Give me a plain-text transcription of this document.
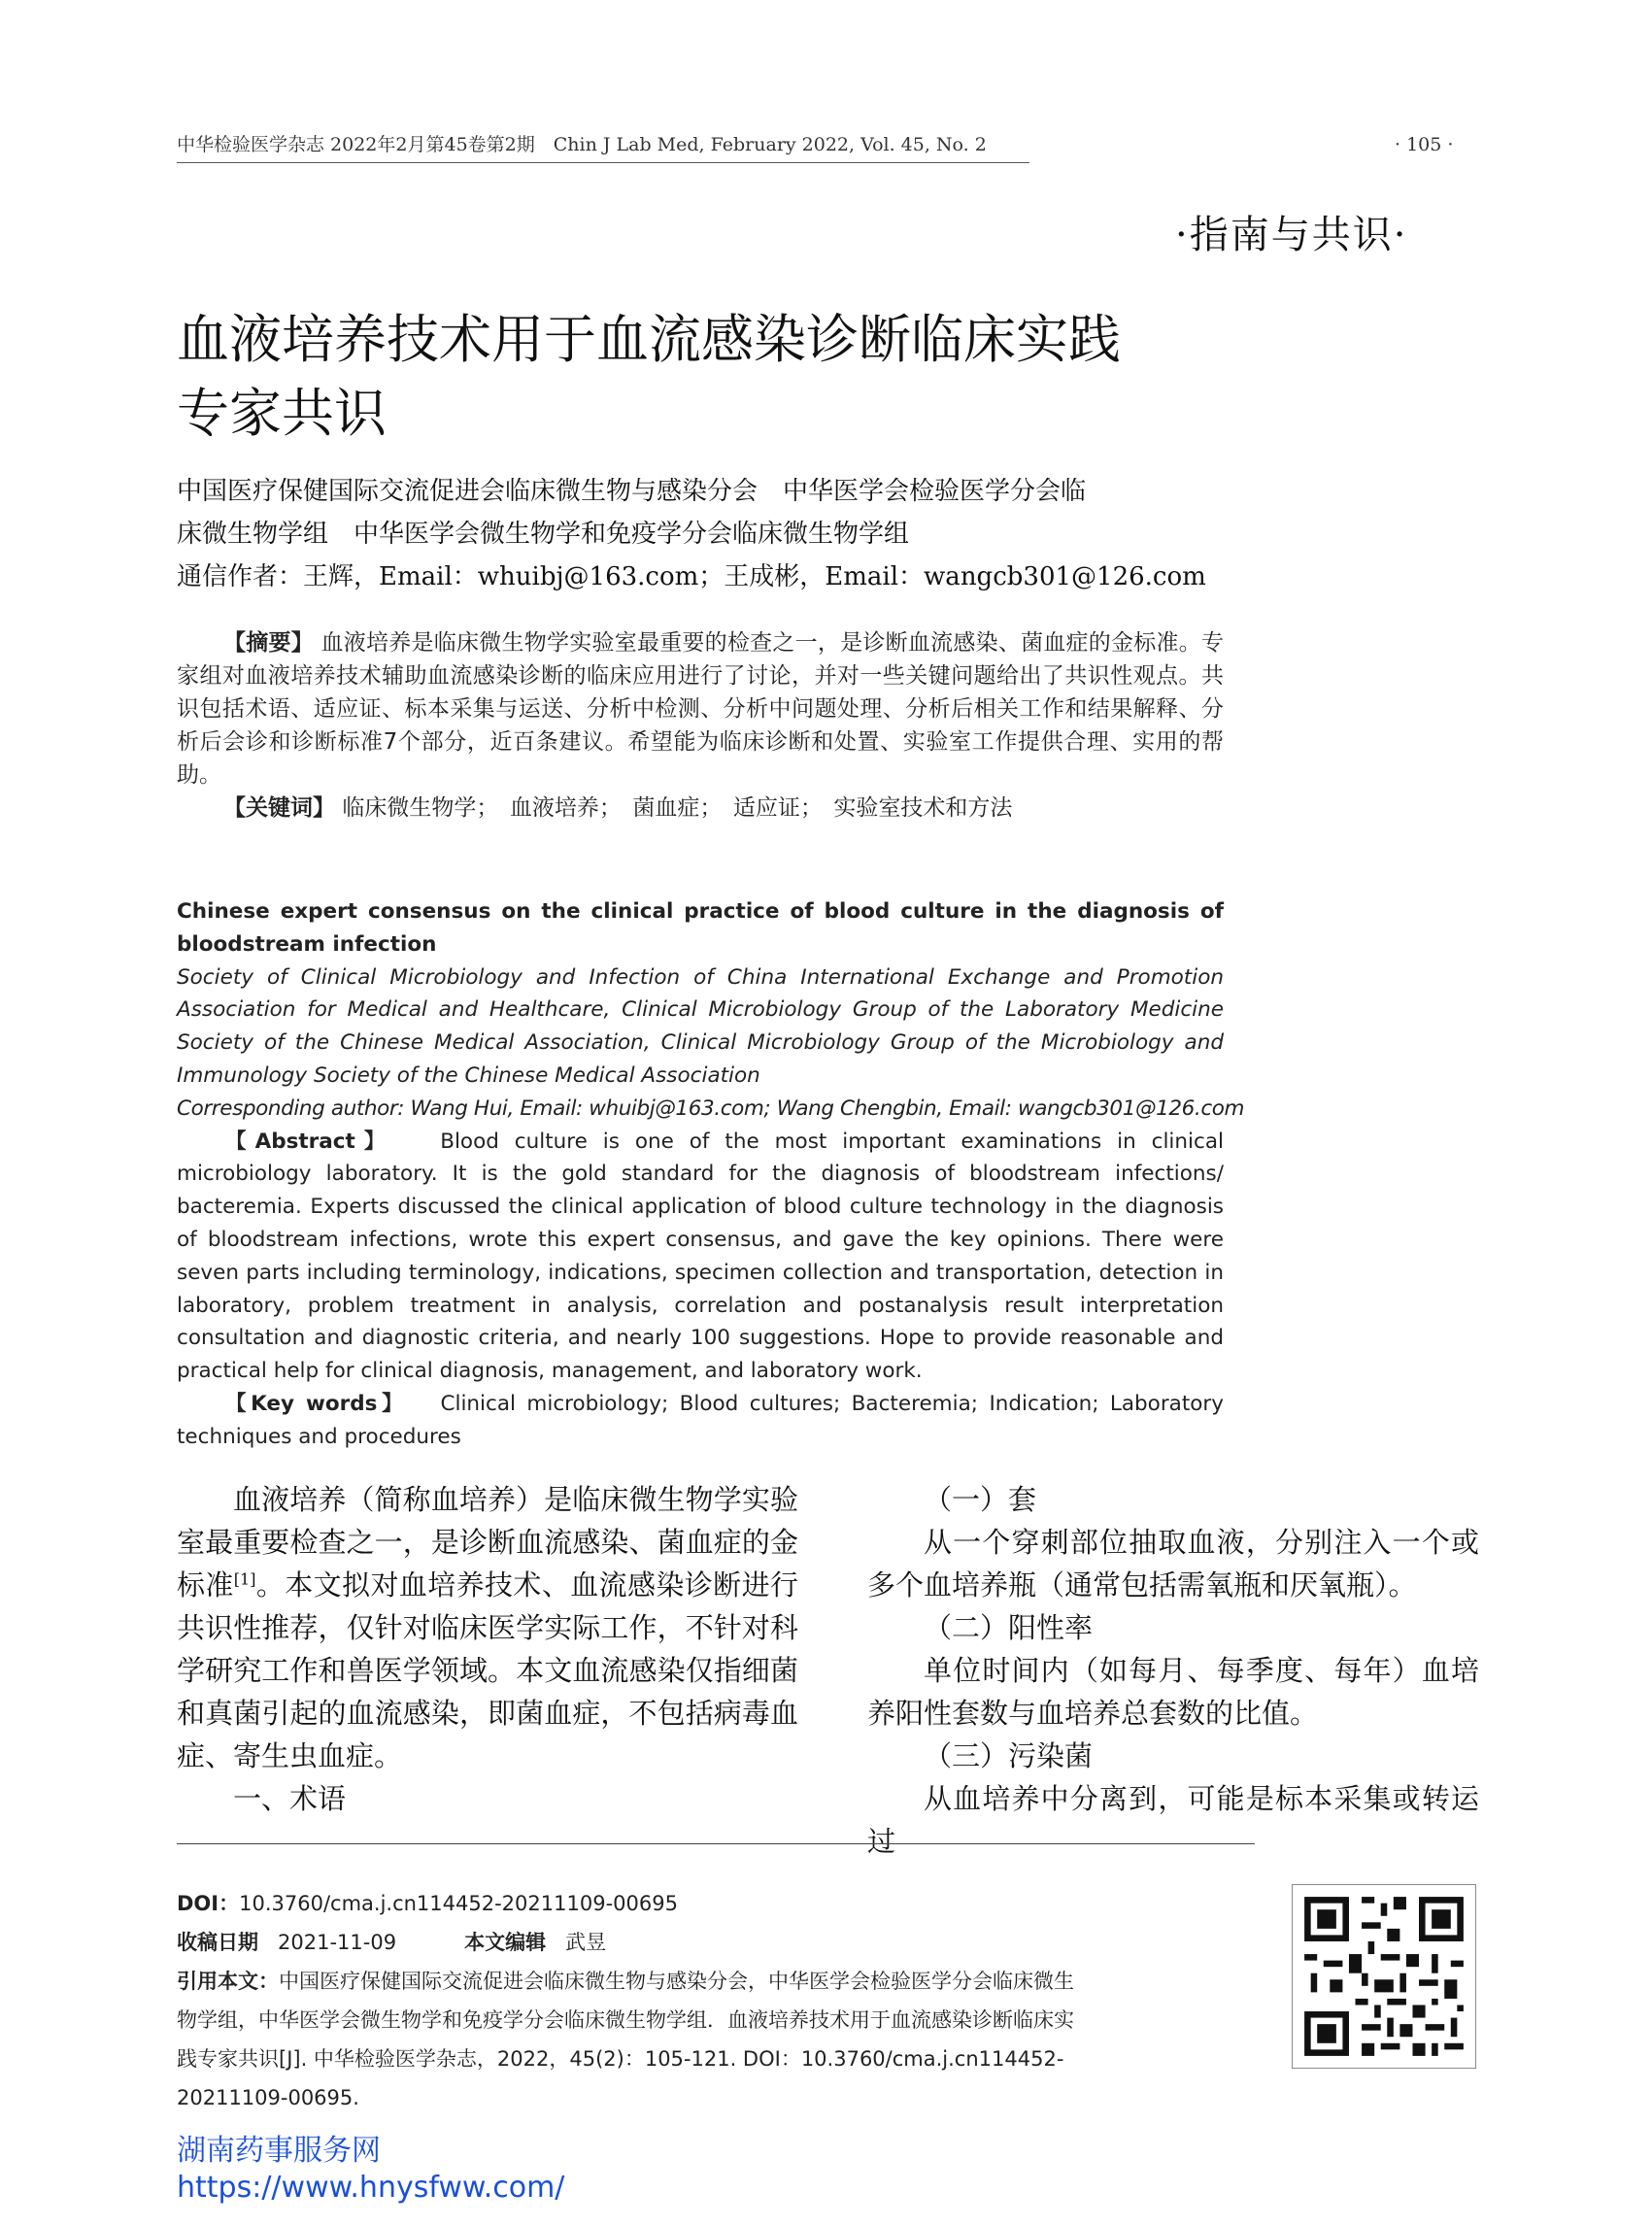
中华检验医学杂志 2022年2月第45卷第2期　Chin J Lab Med, February 2022, Vol. 45, No. 2	· 105 ·
·指南与共识·
血液培养技术用于血流感染诊断临床实践
专家共识
中国医疗保健国际交流促进会临床微生物与感染分会　中华医学会检验医学分会临
床微生物学组　中华医学会微生物学和免疫学分会临床微生物学组
通信作者：王辉，Email：whuibj@163.com；王成彬，Email：wangcb301@126.com

【摘要】 血液培养是临床微生物学实验室最重要的检查之一，是诊断血流感染、菌血症的金标准。专家组对血液培养技术辅助血流感染诊断的临床应用进行了讨论，并对一些关键问题给出了共识性观点。共识包括术语、适应证、标本采集与运送、分析中检测、分析中问题处理、分析后相关工作和结果解释、分析后会诊和诊断标准7个部分，近百条建议。希望能为临床诊断和处置、实验室工作提供合理、实用的帮助。

【关键词】 临床微生物学；　血液培养；　菌血症；　适应证；　实验室技术和方法

Chinese expert consensus on the clinical practice of blood culture in the diagnosis of bloodstream infection

Society of Clinical Microbiology and Infection of China International Exchange and Promotion Association for Medical and Healthcare, Clinical Microbiology Group of the Laboratory Medicine Society of the Chinese Medical Association, Clinical Microbiology Group of the Microbiology and Immunology Society of the Chinese Medical Association

Corresponding author: Wang Hui, Email: whuibj@163.com; Wang Chengbin, Email: wangcb301@126.com

【Abstract】 Blood culture is one of the most important examinations in clinical microbiology laboratory. It is the gold standard for the diagnosis of bloodstream infections/ bacteremia. Experts discussed the clinical application of blood culture technology in the diagnosis of bloodstream infections, wrote this expert consensus, and gave the key opinions. There were seven parts including terminology, indications, specimen collection and transportation, detection in laboratory, problem treatment in analysis, correlation and postanalysis result interpretation consultation and diagnostic criteria, and nearly 100 suggestions. Hope to provide reasonable and practical help for clinical diagnosis, management, and laboratory work.

【Key words】 Clinical microbiology; Blood cultures; Bacteremia; Indication; Laboratory techniques and procedures

血液培养（简称血培养）是临床微生物学实验室最重要检查之一，是诊断血流感染、菌血症的金标准[1]。本文拟对血培养技术、血流感染诊断进行共识性推荐，仅针对临床医学实际工作，不针对科学研究工作和兽医学领域。本文血流感染仅指细菌和真菌引起的血流感染，即菌血症，不包括病毒血症、寄生虫血症。

一、术语

（一）套

从一个穿刺部位抽取血液，分别注入一个或多个血培养瓶（通常包括需氧瓶和厌氧瓶）。

（二）阳性率

单位时间内（如每月、每季度、每年）血培养阳性套数与血培养总套数的比值。

（三）污染菌

从血培养中分离到，可能是标本采集或转运过

DOI：10.3760/cma.j.cn114452-20211109-00695

收稿日期 2021-11-09	本文编辑 武昱

引用本文：中国医疗保健国际交流促进会临床微生物与感染分会，中华医学会检验医学分会临床微生物学组，中华医学会微生物学和免疫学分会临床微生物学组．血液培养技术用于血流感染诊断临床实践专家共识[J]. 中华检验医学杂志，2022，45(2)：105-121. DOI：10.3760/cma.j.cn114452-20211109-00695.

湖南药事服务网
https://www.hnysfww.com/
